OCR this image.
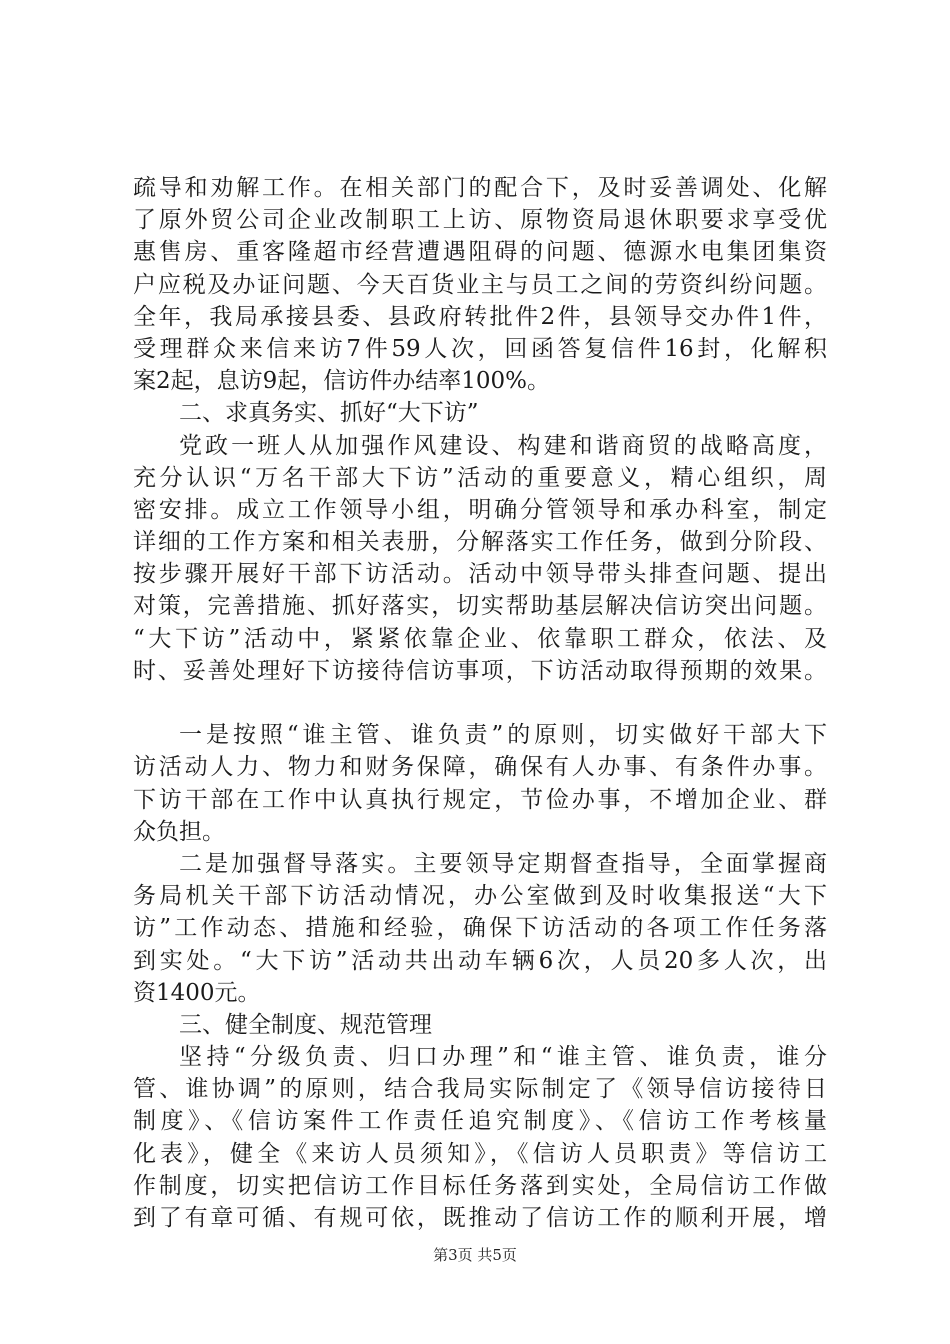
疏导和劝解工作。在相关部门的配合下，及时妥善调处、化解
了原外贸公司企业改制职工上访、原物资局退休职要求享受优
惠售房、重客隆超市经营遭遇阻碍的问题、德源水电集团集资
户应税及办证问题、今天百货业主与员工之间的劳资纠纷问题。
全年，我局承接县委、县政府转批件2件，县领导交办件1件，
受理群众来信来访7件59人次，回函答复信件16封，化解积
案2起，息访9起，信访件办结率100%。
二、求真务实、抓好“大下访”
党政一班人从加强作风建设、构建和谐商贸的战略高度，
充分认识“万名干部大下访”活动的重要意义，精心组织，周
密安排。成立工作领导小组，明确分管领导和承办科室，制定
详细的工作方案和相关表册，分解落实工作任务，做到分阶段、
按步骤开展好干部下访活动。活动中领导带头排查问题、提出
对策，完善措施、抓好落实，切实帮助基层解决信访突出问题。
“大下访”活动中，紧紧依靠企业、依靠职工群众，依法、及
时、妥善处理好下访接待信访事项，下访活动取得预期的效果。
一是按照“谁主管、谁负责”的原则，切实做好干部大下
访活动人力、物力和财务保障，确保有人办事、有条件办事。
下访干部在工作中认真执行规定，节俭办事，不增加企业、群
众负担。
二是加强督导落实。主要领导定期督查指导，全面掌握商
务局机关干部下访活动情况，办公室做到及时收集报送“大下
访”工作动态、措施和经验，确保下访活动的各项工作任务落
到实处。“大下访”活动共出动车辆6次，人员20多人次，出
资1400元。
三、健全制度、规范管理
坚持“分级负责、归口办理”和“谁主管、谁负责，谁分
管、谁协调”的原则，结合我局实际制定了《领导信访接待日
制度》、《信访案件工作责任追究制度》、《信访工作考核量
化表》，健全《来访人员须知》，《信访人员职责》等信访工
作制度，切实把信访工作目标任务落到实处，全局信访工作做
到了有章可循、有规可依，既推动了信访工作的顺利开展，增
第3页 共5页
